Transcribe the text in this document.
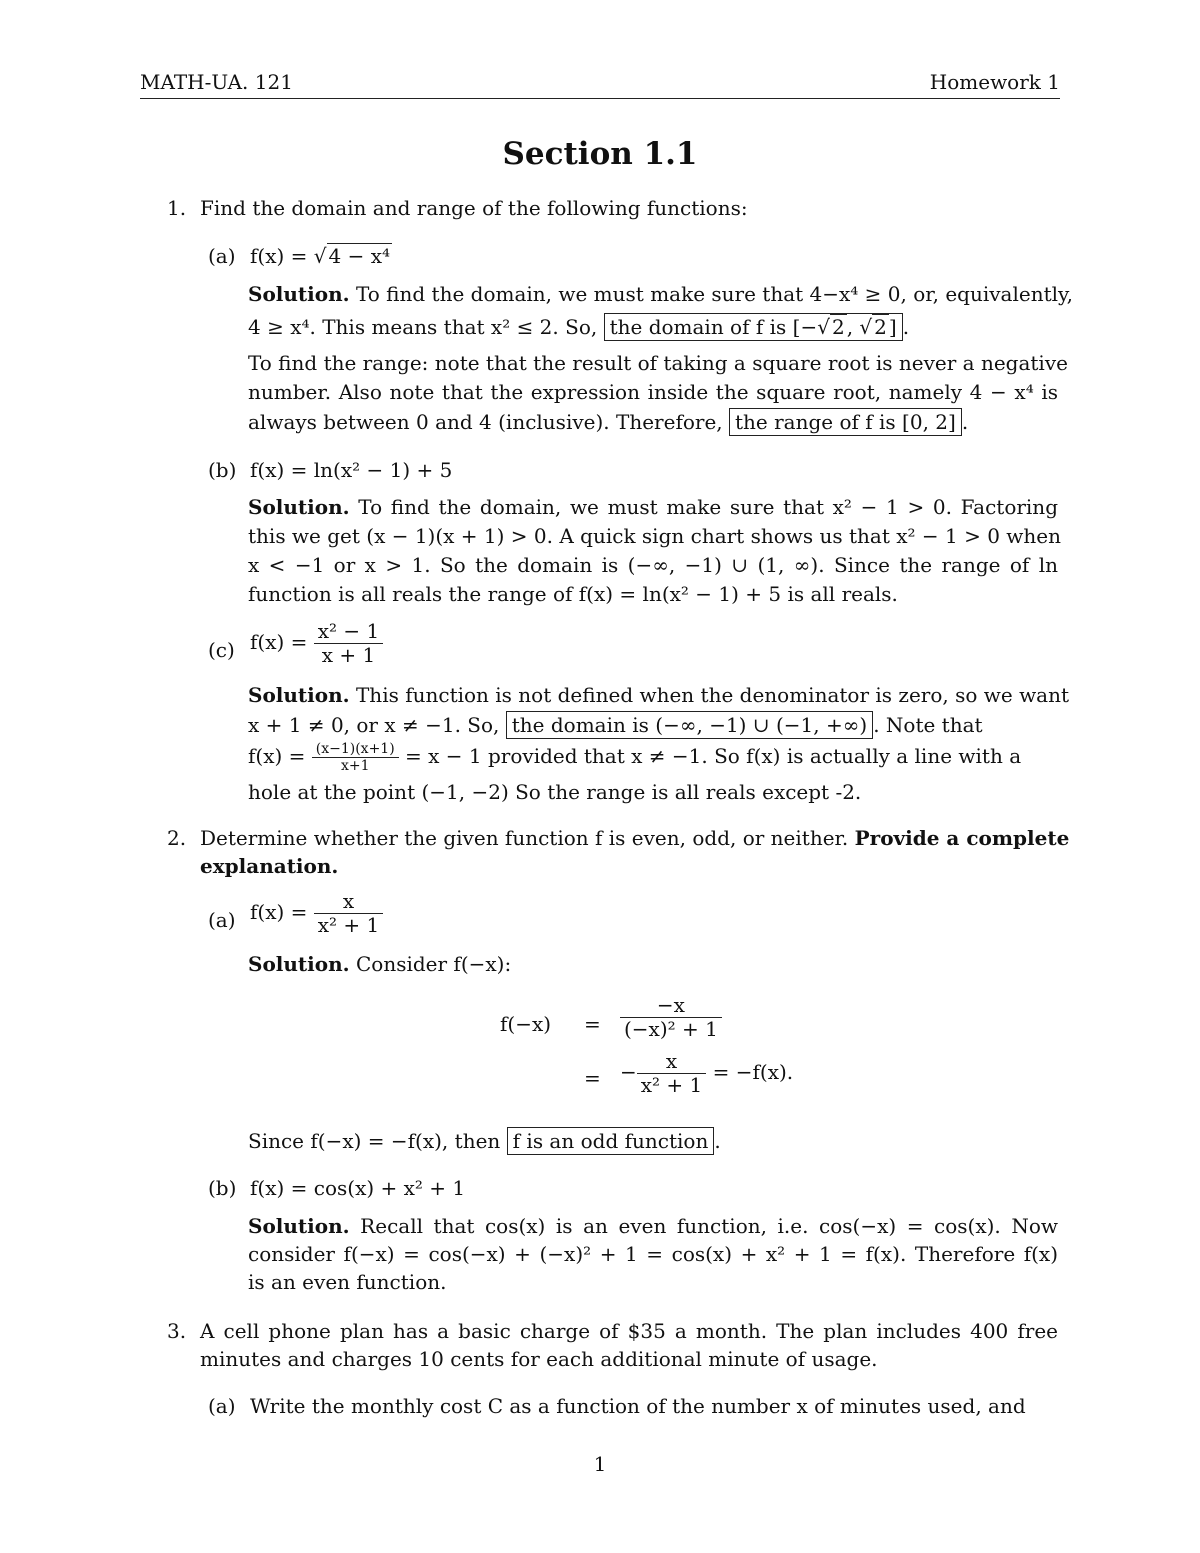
MATH-UA. 121	Homework 1
Section 1.1
1. Find the domain and range of the following functions:
(a) f(x) = √ 4 − x⁴
Solution. To find the domain, we must make sure that 4−x⁴ ≥ 0, or, equivalently,
4 ≥ x⁴. This means that x² ≤ 2. So, the domain of f is [−√ 2 , √ 2 ] .
To find the range: note that the result of taking a square root is never a negative
number. Also note that the expression inside the square root, namely 4 − x⁴ is
always between 0 and 4 (inclusive). Therefore, the range of f is [0, 2] .
(b) f(x) = ln(x² − 1) + 5
Solution. To find the domain, we must make sure that x² − 1 > 0. Factoring
this we get (x − 1)(x + 1) > 0. A quick sign chart shows us that x² − 1 > 0 when
x < −1 or x > 1. So the domain is (−∞, −1) ∪ (1, ∞). Since the range of ln
function is all reals the range of f(x) = ln(x² − 1) + 5 is all reals.
(c) $f(x) = \frac{\text{x² − 1}}{x + 1}$
Solution. This function is not defined when the denominator is zero, so we want
x + 1 ≠ 0, or x ≠ −1. So, the domain is (−∞, −1) ∪ (−1, +∞) . Note that
$f(x) = \frac{(x-1)(x+1)}{x+1} = x - 1$ provided that x ≠ −1. So f(x) is actually a line with a
hole at the point (−1, −2) So the range is all reals except -2.
2. Determine whether the given function f is even, odd, or neither. Provide a complete
explanation.
(a) $f(x) = \frac{x}{\text{x² + 1}}$
Solution. Consider f(−x):
$f(-x) = \frac{-x}{\text{(−x)² + 1}}$
= − $\frac{x}{\text{x² + 1}} = -f(x)$.
Since f(−x) = −f(x), then f is an odd function .
(b) f(x) = cos(x) + x² + 1
Solution. Recall that cos(x) is an even function, i.e. cos(−x) = cos(x). Now
consider f(−x) = cos(−x) + (−x)² + 1 = cos(x) + x² + 1 = f(x). Therefore f(x)
is an even function.
3. A cell phone plan has a basic charge of $35 a month. The plan includes 400 free
minutes and charges 10 cents for each additional minute of usage.
(a) Write the monthly cost C as a function of the number x of minutes used, and
1
